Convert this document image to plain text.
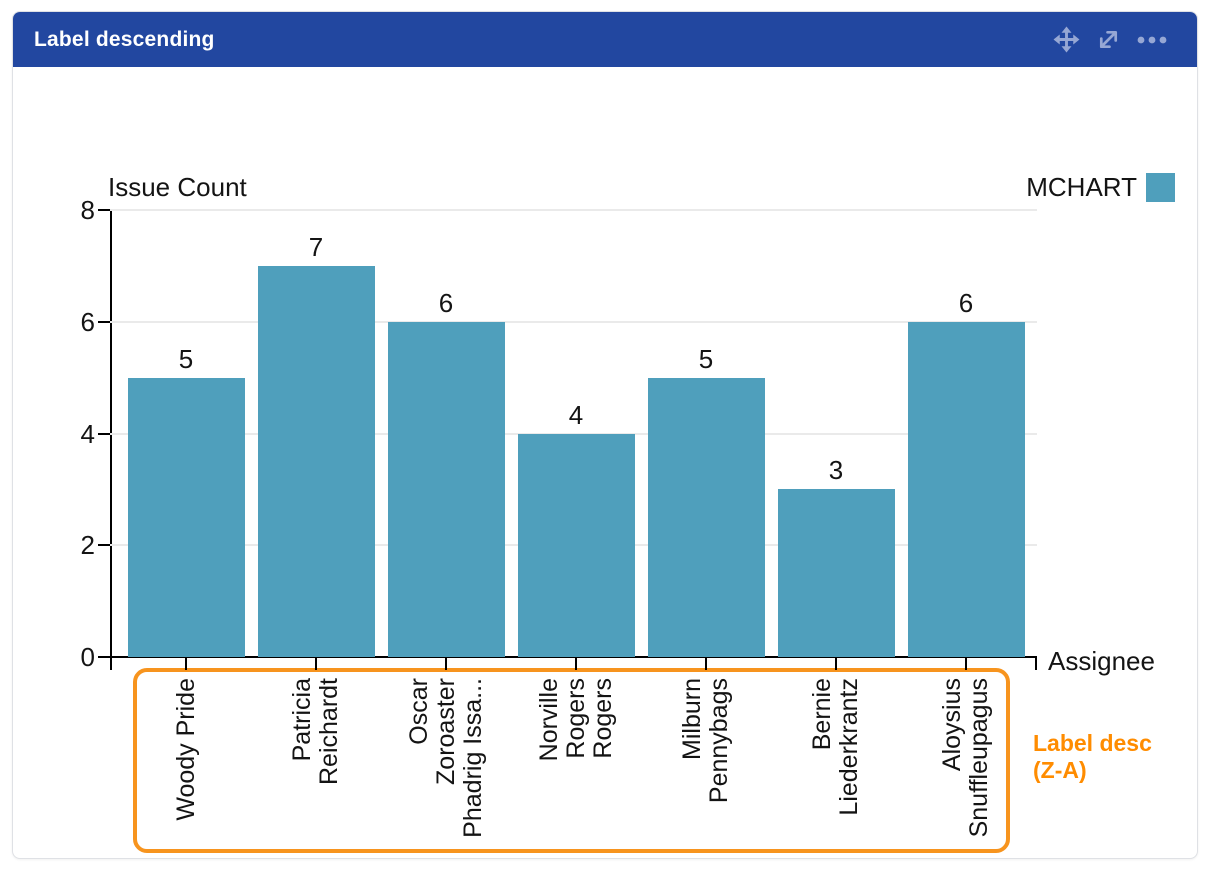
Label descending
Issue Count	MCHART
Assignee
Label desc
(Z-A)
0
2
4
6
8
5
Woody Pride
7
Patricia Reichardt
6
Oscar Zoroaster Phadrig Issa...
4
Norville Rogers Rogers
5
Milburn Pennybags
3
Bernie Liederkrantz
6
Aloysius Snuffleupagus
